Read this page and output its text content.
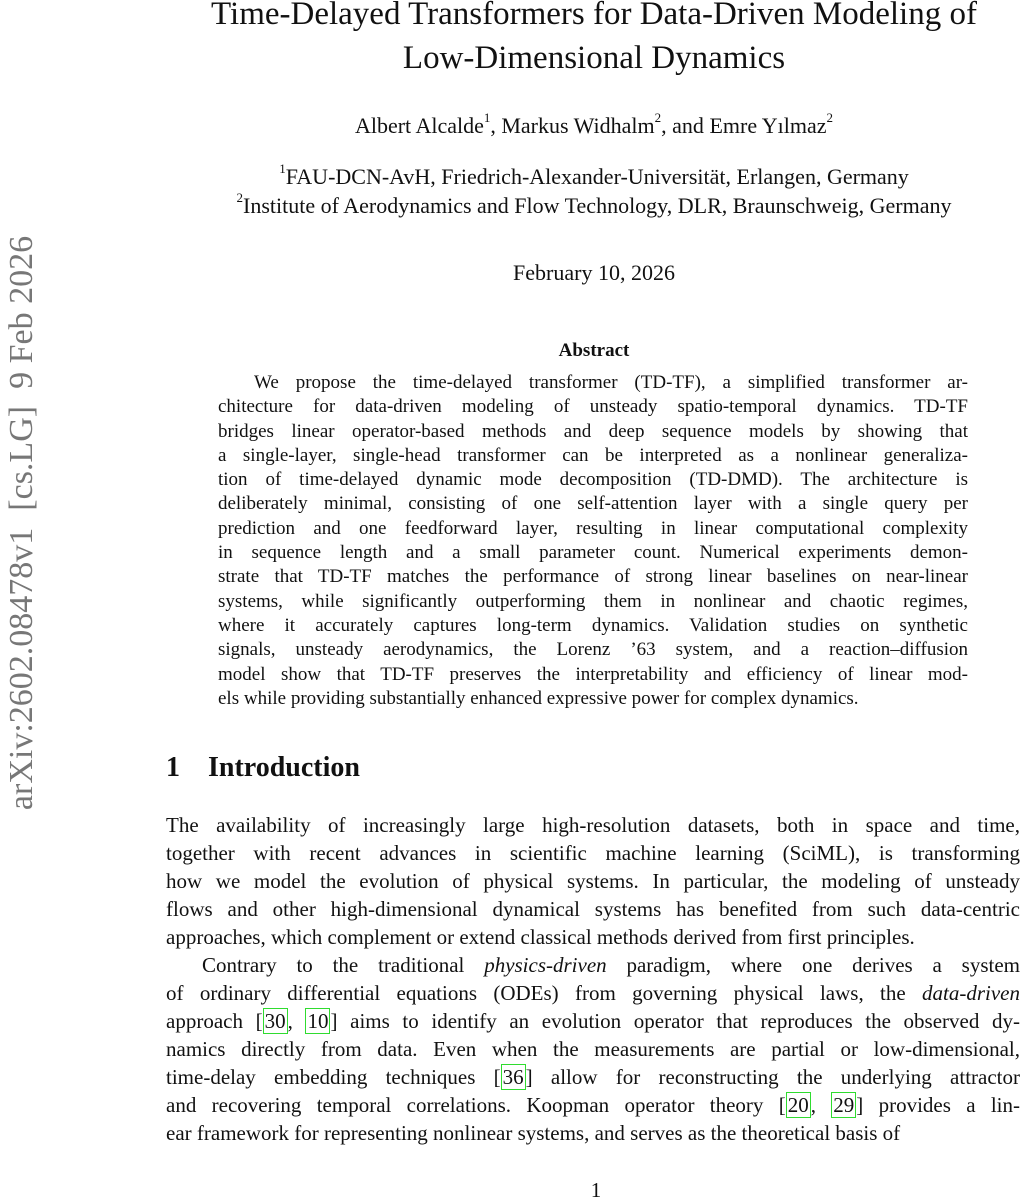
arXiv:2602.08478v1  [cs.LG]  9 Feb 2026
Time-Delayed Transformers for Data-Driven Modeling of
Low-Dimensional Dynamics
Albert Alcalde$^1$, Markus Widhalm$^2$, and Emre Yılmaz$^2$
$^1$FAU-DCN-AvH, Friedrich-Alexander-Universität, Erlangen, Germany
$^2$Institute of Aerodynamics and Flow Technology, DLR, Braunschweig, Germany
February 10, 2026
Abstract
We propose the time-delayed transformer (TD-TF), a simplified transformer ar-
chitecture for data-driven modeling of unsteady spatio-temporal dynamics. TD-TF
bridges linear operator-based methods and deep sequence models by showing that
a single-layer, single-head transformer can be interpreted as a nonlinear generaliza-
tion of time-delayed dynamic mode decomposition (TD-DMD). The architecture is
deliberately minimal, consisting of one self-attention layer with a single query per
prediction and one feedforward layer, resulting in linear computational complexity
in sequence length and a small parameter count. Numerical experiments demon-
strate that TD-TF matches the performance of strong linear baselines on near-linear
systems, while significantly outperforming them in nonlinear and chaotic regimes,
where it accurately captures long-term dynamics. Validation studies on synthetic
signals, unsteady aerodynamics, the Lorenz ’63 system, and a reaction–diffusion
model show that TD-TF preserves the interpretability and efficiency of linear mod-
els while providing substantially enhanced expressive power for complex dynamics.
1 Introduction
The availability of increasingly large high-resolution datasets, both in space and time,
together with recent advances in scientific machine learning (SciML), is transforming
how we model the evolution of physical systems. In particular, the modeling of unsteady
flows and other high-dimensional dynamical systems has benefited from such data-centric
approaches, which complement or extend classical methods derived from first principles.
Contrary to the traditional physics-driven paradigm, where one derives a system
of ordinary differential equations (ODEs) from governing physical laws, the data-driven
approach [30, 10] aims to identify an evolution operator that reproduces the observed dy-
namics directly from data. Even when the measurements are partial or low-dimensional,
time-delay embedding techniques [36] allow for reconstructing the underlying attractor
and recovering temporal correlations. Koopman operator theory [20, 29] provides a lin-
ear framework for representing nonlinear systems, and serves as the theoretical basis of
1
